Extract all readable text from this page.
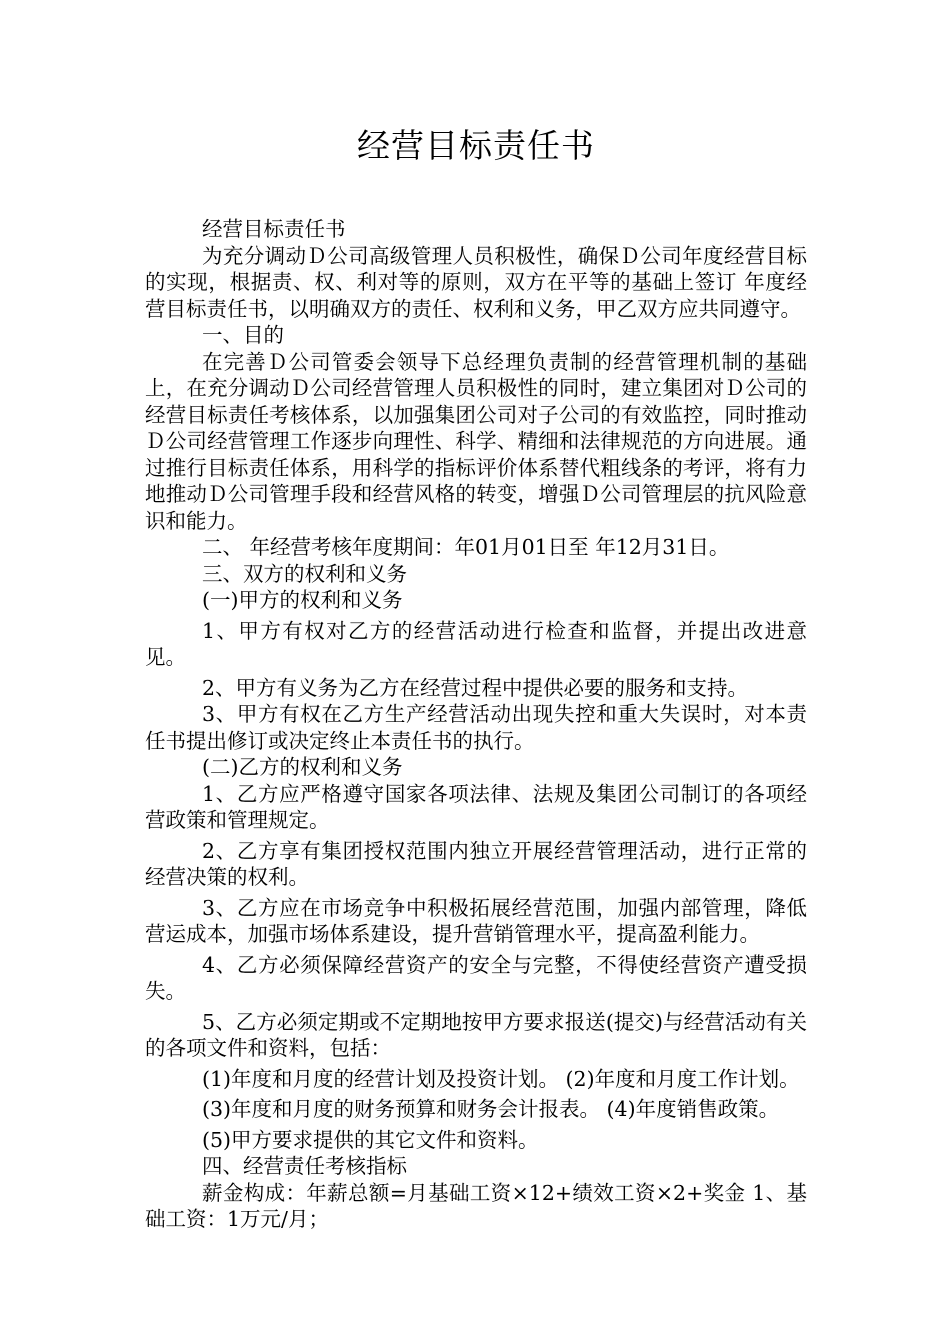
经营目标责任书

经营目标责任书

为充分调动Ｄ公司高级管理人员积极性，确保Ｄ公司年度经营目标的实现，根据责、权、利对等的原则，双方在平等的基础上签订 年度经营目标责任书，以明确双方的责任、权利和义务，甲乙双方应共同遵守。

一、目的

在完善Ｄ公司管委会领导下总经理负责制的经营管理机制的基础上，在充分调动Ｄ公司经营管理人员积极性的同时，建立集团对Ｄ公司的经营目标责任考核体系，以加强集团公司对子公司的有效监控，同时推动Ｄ公司经营管理工作逐步向理性、科学、精细和法律规范的方向进展。通过推行目标责任体系，用科学的指标评价体系替代粗线条的考评，将有力地推动Ｄ公司管理手段和经营风格的转变，增强Ｄ公司管理层的抗风险意识和能力。

二、 年经营考核年度期间：年01月01日至 年12月31日。

三、双方的权利和义务

(一)甲方的权利和义务

1、甲方有权对乙方的经营活动进行检查和监督，并提出改进意见。

2、甲方有义务为乙方在经营过程中提供必要的服务和支持。

3、甲方有权在乙方生产经营活动出现失控和重大失误时，对本责任书提出修订或决定终止本责任书的执行。

(二)乙方的权利和义务

1、乙方应严格遵守国家各项法律、法规及集团公司制订的各项经营政策和管理规定。

2、乙方享有集团授权范围内独立开展经营管理活动，进行正常的经营决策的权利。

3、乙方应在市场竞争中积极拓展经营范围，加强内部管理，降低营运成本，加强市场体系建设，提升营销管理水平，提高盈利能力。

4、乙方必须保障经营资产的安全与完整，不得使经营资产遭受损失。

5、乙方必须定期或不定期地按甲方要求报送(提交)与经营活动有关的各项文件和资料，包括：

(1)年度和月度的经营计划及投资计划。 (2)年度和月度工作计划。

(3)年度和月度的财务预算和财务会计报表。 (4)年度销售政策。

(5)甲方要求提供的其它文件和资料。

四、经营责任考核指标

薪金构成：年薪总额=月基础工资×12+绩效工资×2+奖金 1、基础工资：1万元/月；
